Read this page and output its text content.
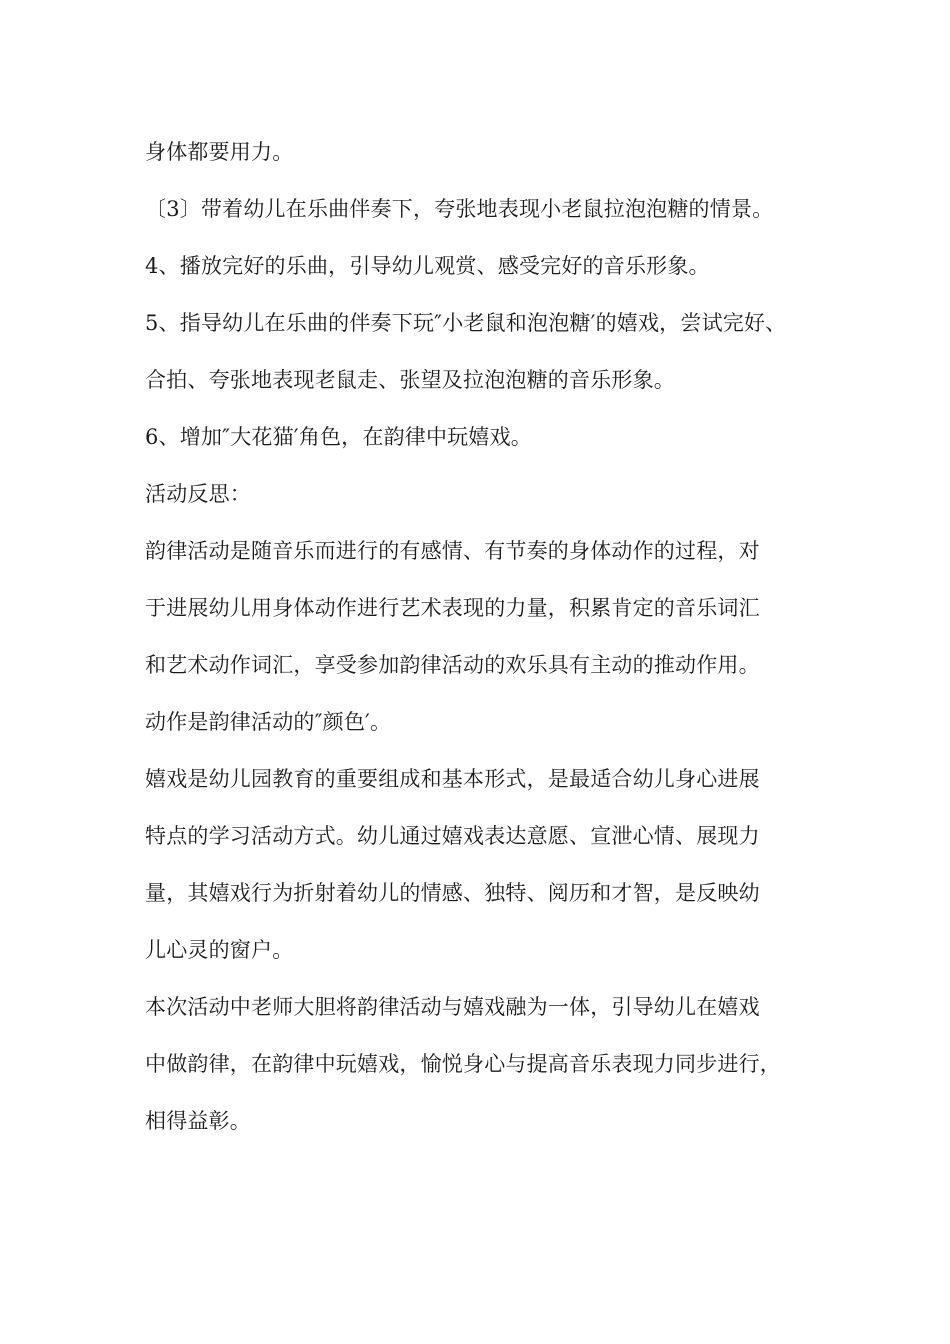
身体都要用力。
〔3〕带着幼儿在乐曲伴奏下，夸张地表现小老鼠拉泡泡糖的情景。
4、播放完好的乐曲，引导幼儿观赏、感受完好的音乐形象。
5、指导幼儿在乐曲的伴奏下玩″小老鼠和泡泡糖′的嬉戏，尝试完好、
合拍、夸张地表现老鼠走、张望及拉泡泡糖的音乐形象。
6、增加″大花猫′角色，在韵律中玩嬉戏。
活动反思：
韵律活动是随音乐而进行的有感情、有节奏的身体动作的过程，对
于进展幼儿用身体动作进行艺术表现的力量，积累肯定的音乐词汇
和艺术动作词汇，享受参加韵律活动的欢乐具有主动的推动作用。
动作是韵律活动的″颜色′。
嬉戏是幼儿园教育的重要组成和基本形式，是最适合幼儿身心进展
特点的学习活动方式。幼儿通过嬉戏表达意愿、宣泄心情、展现力
量，其嬉戏行为折射着幼儿的情感、独特、阅历和才智，是反映幼
儿心灵的窗户。
本次活动中老师大胆将韵律活动与嬉戏融为一体，引导幼儿在嬉戏
中做韵律，在韵律中玩嬉戏，愉悦身心与提高音乐表现力同步进行，
相得益彰。
